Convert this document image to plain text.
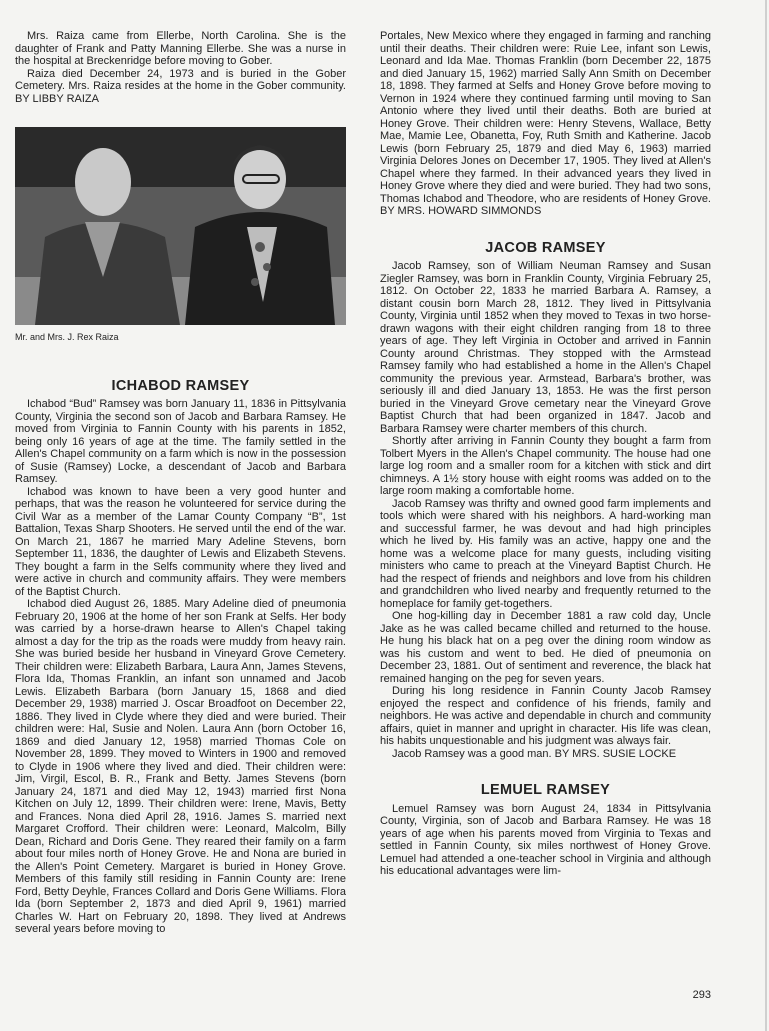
Mrs. Raiza came from Ellerbe, North Carolina. She is the daughter of Frank and Patty Manning Ellerbe. She was a nurse in the hospital at Breckenridge before moving to Gober.

Raiza died December 24, 1973 and is buried in the Gober Cemetery. Mrs. Raiza resides at the home in the Gober community. BY LIBBY RAIZA

Mr. and Mrs. J. Rex Raiza
ICHABOD RAMSEY

Ichabod “Bud” Ramsey was born January 11, 1836 in Pittsylvania County, Virginia the second son of Jacob and Barbara Ramsey. He moved from Virginia to Fannin County with his parents in 1852, being only 16 years of age at the time. The family settled in the Allen's Chapel community on a farm which is now in the possession of Susie (Ramsey) Locke, a descendant of Jacob and Barbara Ramsey.

Ichabod was known to have been a very good hunter and perhaps, that was the reason he volunteered for service during the Civil War as a member of the Lamar County Company “B”, 1st Battalion, Texas Sharp Shooters. He served until the end of the war. On March 21, 1867 he married Mary Adeline Stevens, born September 11, 1836, the daughter of Lewis and Elizabeth Stevens. They bought a farm in the Selfs community where they lived and were active in church and community affairs. They were members of the Baptist Church.

Ichabod died August 26, 1885. Mary Adeline died of pneumonia February 20, 1906 at the home of her son Frank at Selfs. Her body was carried by a horse-drawn hearse to Allen's Chapel taking almost a day for the trip as the roads were muddy from heavy rain. She was buried beside her husband in Vineyard Grove Cemetery. Their children were: Elizabeth Barbara, Laura Ann, James Stevens, Flora Ida, Thomas Franklin, an infant son unnamed and Jacob Lewis. Elizabeth Barbara (born January 15, 1868 and died December 29, 1938) married J. Oscar Broadfoot on December 22, 1886. They lived in Clyde where they died and were buried. Their children were: Hal, Susie and Nolen. Laura Ann (born October 16, 1869 and died January 12, 1958) married Thomas Cole on November 28, 1899. They moved to Winters in 1900 and removed to Clyde in 1906 where they lived and died. Their children were: Jim, Virgil, Escol, B. R., Frank and Betty. James Stevens (born January 24, 1871 and died May 12, 1943) married first Nona Kitchen on July 12, 1899. Their children were: Irene, Mavis, Betty and Frances. Nona died April 28, 1916. James S. married next Margaret Crofford. Their children were: Leonard, Malcolm, Billy Dean, Richard and Doris Gene. They reared their family on a farm about four miles north of Honey Grove. He and Nona are buried in the Allen's Point Cemetery. Margaret is buried in Honey Grove. Members of this family still residing in Fannin County are: Irene Ford, Betty Deyhle, Frances Collard and Doris Gene Williams. Flora Ida (born September 2, 1873 and died April 9, 1961) married Charles W. Hart on February 20, 1898. They lived at Andrews several years before moving to

Portales, New Mexico where they engaged in farming and ranching until their deaths. Their children were: Ruie Lee, infant son Lewis, Leonard and Ida Mae. Thomas Franklin (born December 22, 1875 and died January 15, 1962) married Sally Ann Smith on December 18, 1898. They farmed at Selfs and Honey Grove before moving to Vernon in 1924 where they continued farming until moving to San Antonio where they lived until their deaths. Both are buried at Honey Grove. Their children were: Henry Stevens, Wallace, Betty Mae, Mamie Lee, Obanetta, Foy, Ruth Smith and Katherine. Jacob Lewis (born February 25, 1879 and died May 6, 1963) married Virginia Delores Jones on December 17, 1905. They lived at Allen's Chapel where they farmed. In their advanced years they lived in Honey Grove where they died and were buried. They had two sons, Thomas Ichabod and Theodore, who are residents of Honey Grove. BY MRS. HOWARD SIMMONDS

JACOB RAMSEY

Jacob Ramsey, son of William Neuman Ramsey and Susan Ziegler Ramsey, was born in Franklin County, Virginia February 25, 1812. On October 22, 1833 he married Barbara A. Ramsey, a distant cousin born March 28, 1812. They lived in Pittsylvania County, Virginia until 1852 when they moved to Texas in two horse-drawn wagons with their eight children ranging from 18 to three years of age. They left Virginia in October and arrived in Fannin County around Christmas. They stopped with the Armstead Ramsey family who had established a home in the Allen's Chapel community the previous year. Armstead, Barbara's brother, was seriously ill and died January 13, 1853. He was the first person buried in the Vineyard Grove cemetary near the Vineyard Grove Baptist Church that had been organized in 1847. Jacob and Barbara Ramsey were charter members of this church.

Shortly after arriving in Fannin County they bought a farm from Tolbert Myers in the Allen's Chapel community. The house had one large log room and a smaller room for a kitchen with stick and dirt chimneys. A 1½ story house with eight rooms was added on to the large room making a comfortable home.

Jacob Ramsey was thrifty and owned good farm implements and tools which were shared with his neighbors. A hard-working man and successful farmer, he was devout and had high principles which he lived by. His family was an active, happy one and the home was a welcome place for many guests, including visiting ministers who came to preach at the Vineyard Baptist Church. He had the respect of friends and neighbors and love from his children and grandchildren who lived nearby and frequently returned to the homeplace for family get-togethers.

One hog-killing day in December 1881 a raw cold day, Uncle Jake as he was called became chilled and returned to the house. He hung his black hat on a peg over the dining room window as was his custom and went to bed. He died of pneumonia on December 23, 1881. Out of sentiment and reverence, the black hat remained hanging on the peg for seven years.

During his long residence in Fannin County Jacob Ramsey enjoyed the respect and confidence of his friends, family and neighbors. He was active and dependable in church and community affairs, quiet in manner and upright in character. His life was clean, his habits unquestionable and his judgment was always fair.

Jacob Ramsey was a good man. BY MRS. SUSIE LOCKE

LEMUEL RAMSEY

Lemuel Ramsey was born August 24, 1834 in Pittsylvania County, Virginia, son of Jacob and Barbara Ramsey. He was 18 years of age when his parents moved from Virginia to Texas and settled in Fannin County, six miles northwest of Honey Grove. Lemuel had attended a one-teacher school in Virginia and although his educational advantages were lim-

293
